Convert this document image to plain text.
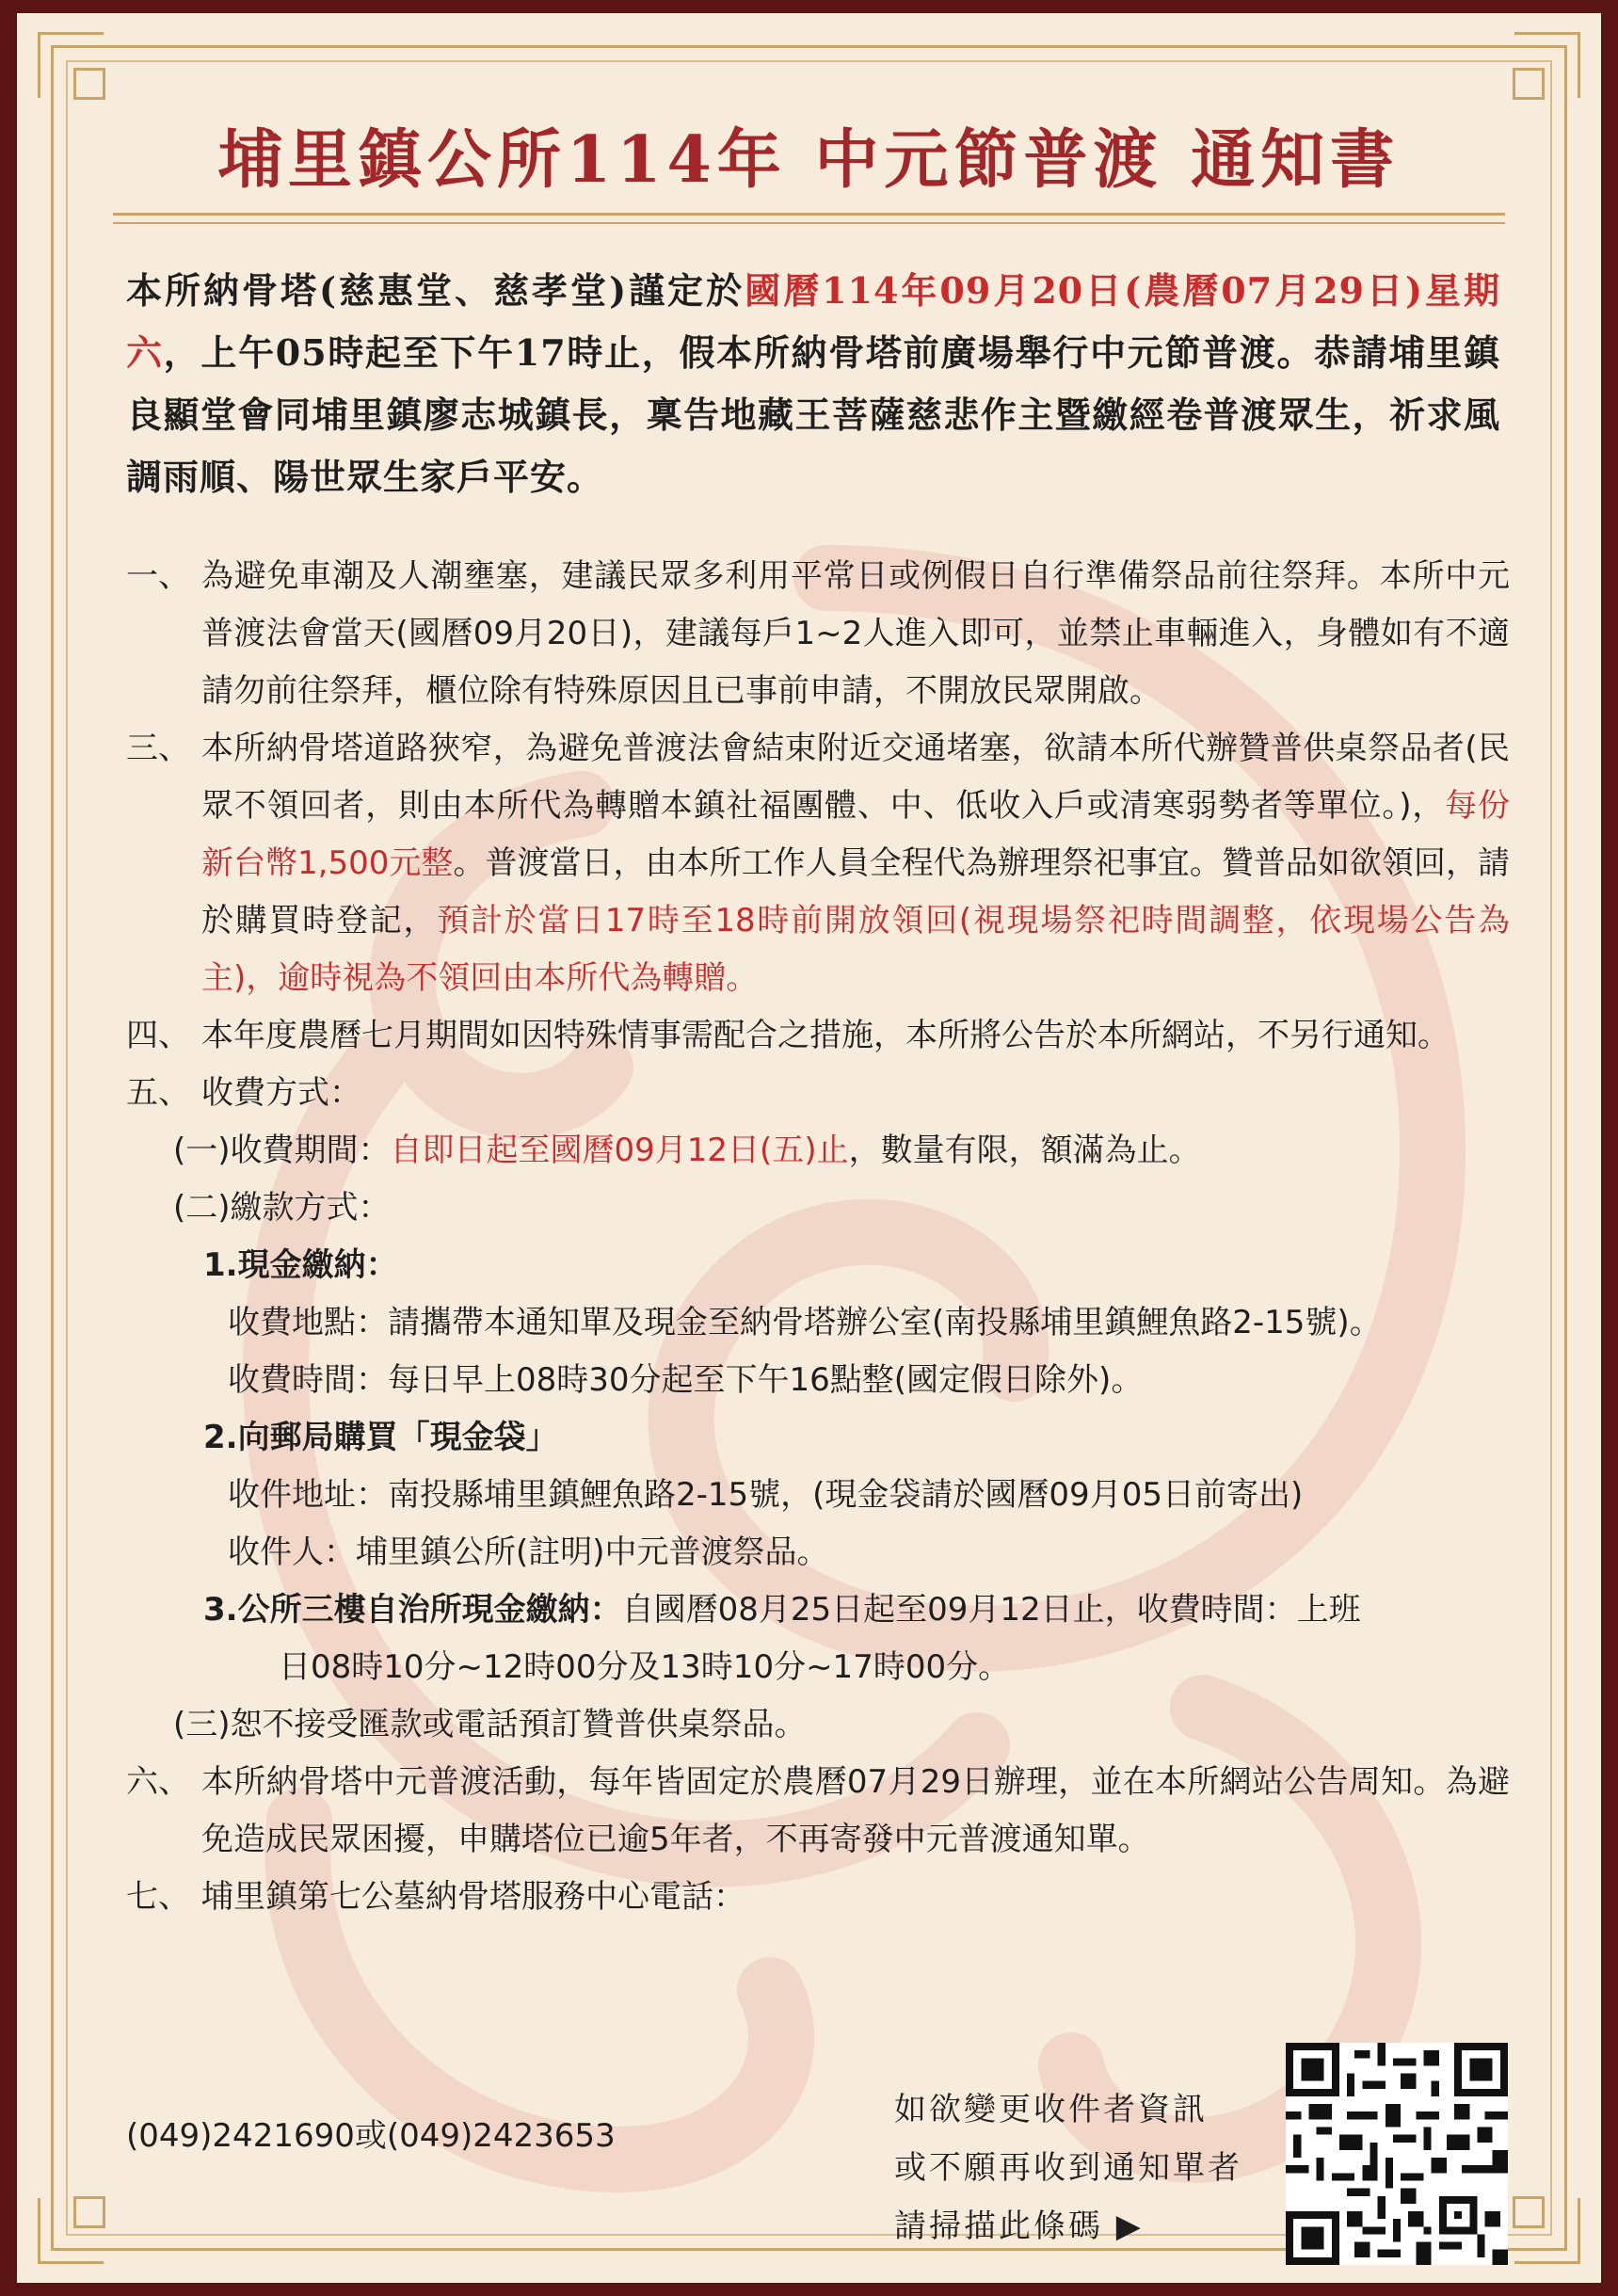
埔里鎮公所114年 中元節普渡 通知書

本所納骨塔(慈惠堂、慈孝堂)謹定於國曆114年09月20日(農曆07月29日)星期六，上午05時起至下午17時止，假本所納骨塔前廣場舉行中元節普渡。恭請埔里鎮良顯堂會同埔里鎮廖志城鎮長，稟告地藏王菩薩慈悲作主暨繳經卷普渡眾生，祈求風調雨順、陽世眾生家戶平安。

一、 為避免車潮及人潮壅塞，建議民眾多利用平常日或例假日自行準備祭品前往祭拜。本所中元普渡法會當天(國曆09月20日)，建議每戶1~2人進入即可，並禁止車輛進入，身體如有不適請勿前往祭拜，櫃位除有特殊原因且已事前申請，不開放民眾開啟。
三、 本所納骨塔道路狹窄，為避免普渡法會結束附近交通堵塞，欲請本所代辦贊普供桌祭品者(民眾不領回者，則由本所代為轉贈本鎮社福團體、中、低收入戶或清寒弱勢者等單位。)，每份新台幣1,500元整。普渡當日，由本所工作人員全程代為辦理祭祀事宜。贊普品如欲領回，請於購買時登記，預計於當日17時至18時前開放領回(視現場祭祀時間調整，依現場公告為主)，逾時視為不領回由本所代為轉贈。
四、 本年度農曆七月期間如因特殊情事需配合之措施，本所將公告於本所網站，不另行通知。
五、 收費方式：
(一)收費期間：自即日起至國曆09月12日(五)止，數量有限，額滿為止。
(二)繳款方式：
1.現金繳納：
收費地點：請攜帶本通知單及現金至納骨塔辦公室(南投縣埔里鎮鯉魚路2-15號)。
收費時間：每日早上08時30分起至下午16點整(國定假日除外)。
2.向郵局購買「現金袋」
收件地址：南投縣埔里鎮鯉魚路2-15號，(現金袋請於國曆09月05日前寄出)
收件人：埔里鎮公所(註明)中元普渡祭品。
3.公所三樓自治所現金繳納：自國曆08月25日起至09月12日止，收費時間：上班
日08時10分~12時00分及13時10分~17時00分。
(三)恕不接受匯款或電話預訂贊普供桌祭品。
六、 本所納骨塔中元普渡活動，每年皆固定於農曆07月29日辦理，並在本所網站公告周知。為避免造成民眾困擾，申購塔位已逾5年者，不再寄發中元普渡通知單。
七、 埔里鎮第七公墓納骨塔服務中心電話：
(049)2421690或(049)2423653
如欲變更收件者資訊
或不願再收到通知單者
請掃描此條碼 ▶
